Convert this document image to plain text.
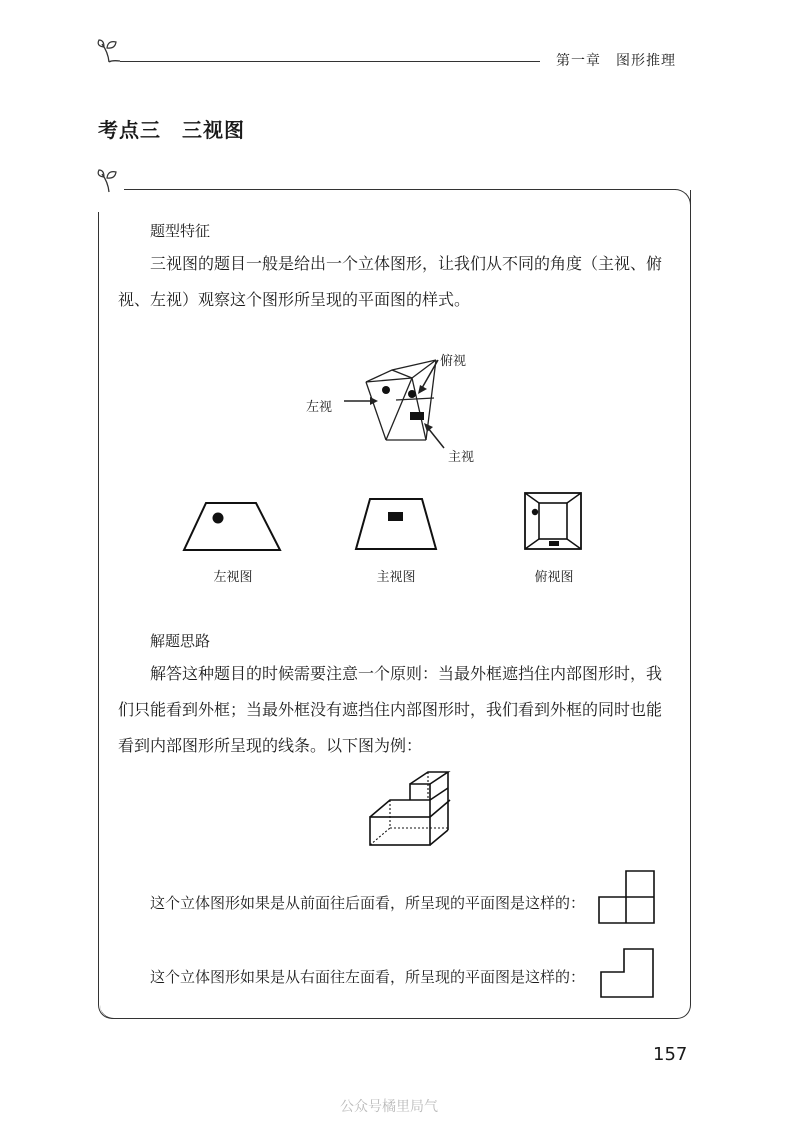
第一章　图形推理
考点三　三视图
题型特征
三视图的题目一般是给出一个立体图形，让我们从不同的角度（主视、俯
视、左视）观察这个图形所呈现的平面图的样式。
俯视
左视
主视
左视图	主视图	俯视图
解题思路
解答这种题目的时候需要注意一个原则：当最外框遮挡住内部图形时，我
们只能看到外框；当最外框没有遮挡住内部图形时，我们看到外框的同时也能
看到内部图形所呈现的线条。以下图为例：
这个立体图形如果是从前面往后面看，所呈现的平面图是这样的：
这个立体图形如果是从右面往左面看，所呈现的平面图是这样的：
157
公众号橘里局气
